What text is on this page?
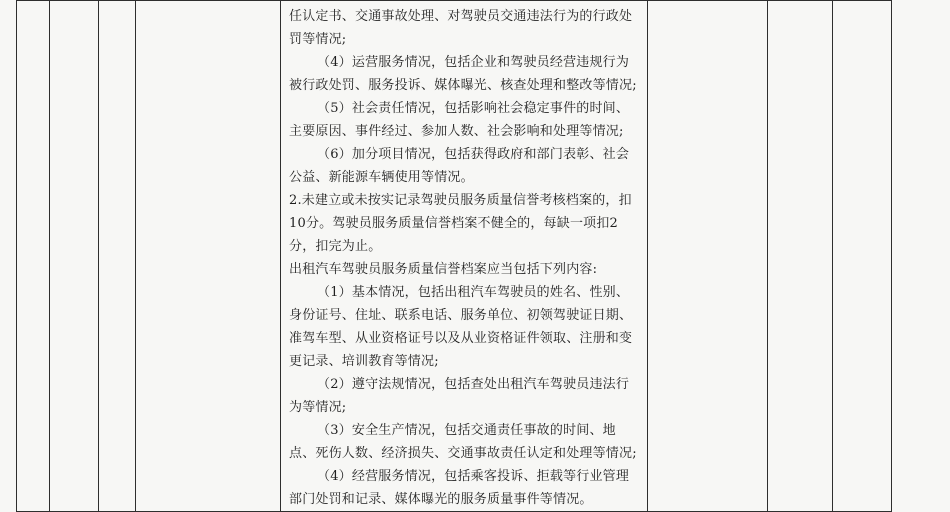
任认定书、交通事故处理、对驾驶员交通违法行为的行政处罚等情况;

（4）运营服务情况，包括企业和驾驶员经营违规行为被行政处罚、服务投诉、媒体曝光、核查处理和整改等情况;

（5）社会责任情况，包括影响社会稳定事件的时间、主要原因、事件经过、参加人数、社会影响和处理等情况;

（6）加分项目情况，包括获得政府和部门表彰、社会公益、新能源车辆使用等情况。

2.未建立或未按实记录驾驶员服务质量信誉考核档案的，扣10分。驾驶员服务质量信誉档案不健全的，每缺一项扣2分，扣完为止。

出租汽车驾驶员服务质量信誉档案应当包括下列内容:

（1）基本情况，包括出租汽车驾驶员的姓名、性别、身份证号、住址、联系电话、服务单位、初领驾驶证日期、准驾车型、从业资格证号以及从业资格证件领取、注册和变更记录、培训教育等情况;

（2）遵守法规情况，包括查处出租汽车驾驶员违法行为等情况;

（3）安全生产情况，包括交通责任事故的时间、地点、死伤人数、经济损失、交通事故责任认定和处理等情况;

（4）经营服务情况，包括乘客投诉、拒载等行业管理部门处罚和记录、媒体曝光的服务质量事件等情况。
